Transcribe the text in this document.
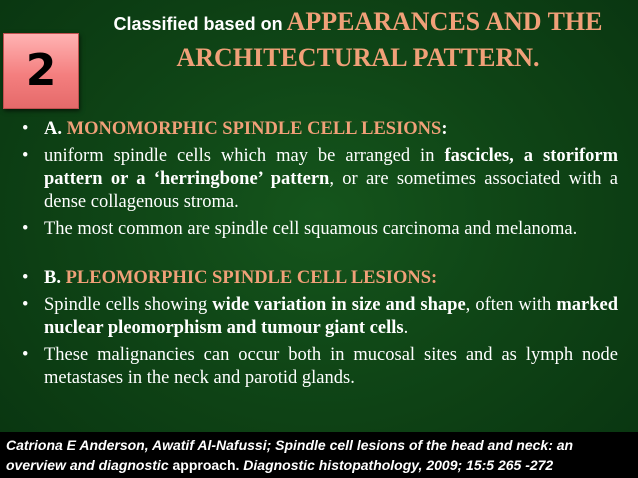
2
Classified based on APPEARANCES AND THE
ARCHITECTURAL PATTERN.
• A. MONOMORPHIC SPINDLE CELL LESIONS:
• uniform spindle cells which may be arranged in fascicles, a storiform pattern or a ‘herringbone’ pattern, or are sometimes associated with a dense collagenous stroma.
• The most common are spindle cell squamous carcinoma and melanoma.
• B. PLEOMORPHIC SPINDLE CELL LESIONS:
• Spindle cells showing wide variation in size and shape, often with marked nuclear pleomorphism and tumour giant cells.
• These malignancies can occur both in mucosal sites and as lymph node metastases in the neck and parotid glands.

Catriona E Anderson, Awatif Al-Nafussi; Spindle cell lesions of the head and neck: an overview and diagnostic approach. Diagnostic histopathology, 2009; 15:5 265 -272
